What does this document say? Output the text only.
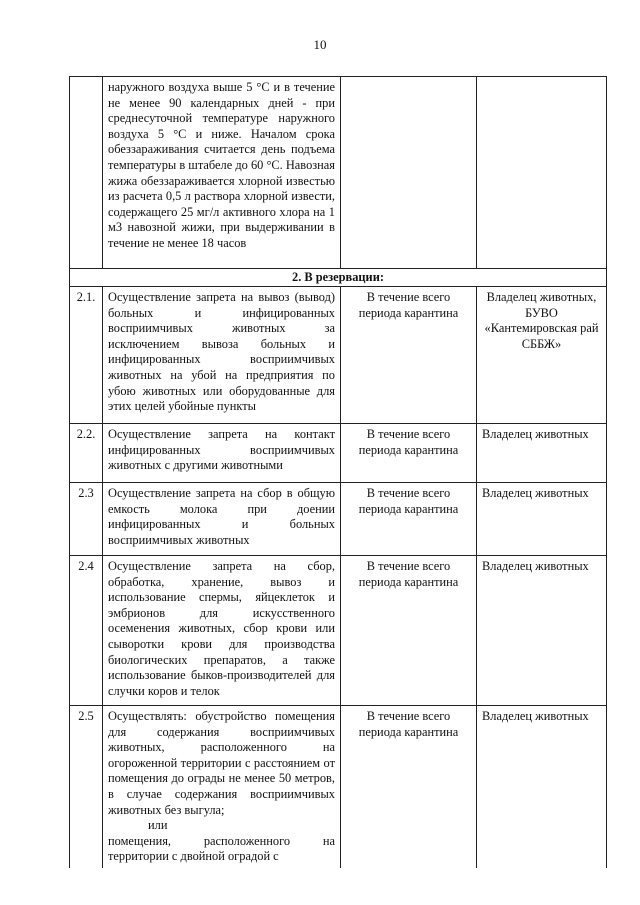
10
	наружного воздуха выше 5 °С и в течение не менее 90 календарных дней - при среднесуточной температуре наружного воздуха 5 °С и ниже. Началом срока обеззараживания считается день подъема температуры в штабеле до 60 °С. Навозная жижа обеззараживается хлорной известью из расчета 0,5 л раствора хлорной извести, содержащего 25 мг/л активного хлора на 1 м3 навозной жижи, при выдерживании в течение не менее 18 часов		
2. В резервации:			
2.1.	Осуществление запрета на вывоз (вывод) больных и инфицированных восприимчивых животных за исключением вывоза больных и инфицированных восприимчивых животных на убой на предприятия по убою животных или оборудованные для этих целей убойные пункты	В течение всего периода карантина	Владелец животных, БУВО «Кантемировская рай СББЖ»
2.2.	Осуществление запрета на контакт инфицированных восприимчивых животных с другими животными	В течение всего периода карантина	Владелец животных
2.3	Осуществление запрета на сбор в общую емкость молока при доении инфицированных и больных восприимчивых животных	В течение всего периода карантина	Владелец животных
2.4	Осуществление запрета на сбор, обработка, хранение, вывоз и использование спермы, яйцеклеток и эмбрионов для искусственного осеменения животных, сбор крови или сыворотки крови для производства биологических препаратов, а также использование быков-производителей для случки коров и телок	В течение всего периода карантина	Владелец животных
2.5	Осуществлять: обустройство помещения для содержания восприимчивых животных, расположенного на огороженной территории с расстоянием от помещения до ограды не менее 50 метров, в случае содержания восприимчивых животных без выгула;
или
помещения, расположенного на территории с двойной оградой с	В течение всего периода карантина	Владелец животных
